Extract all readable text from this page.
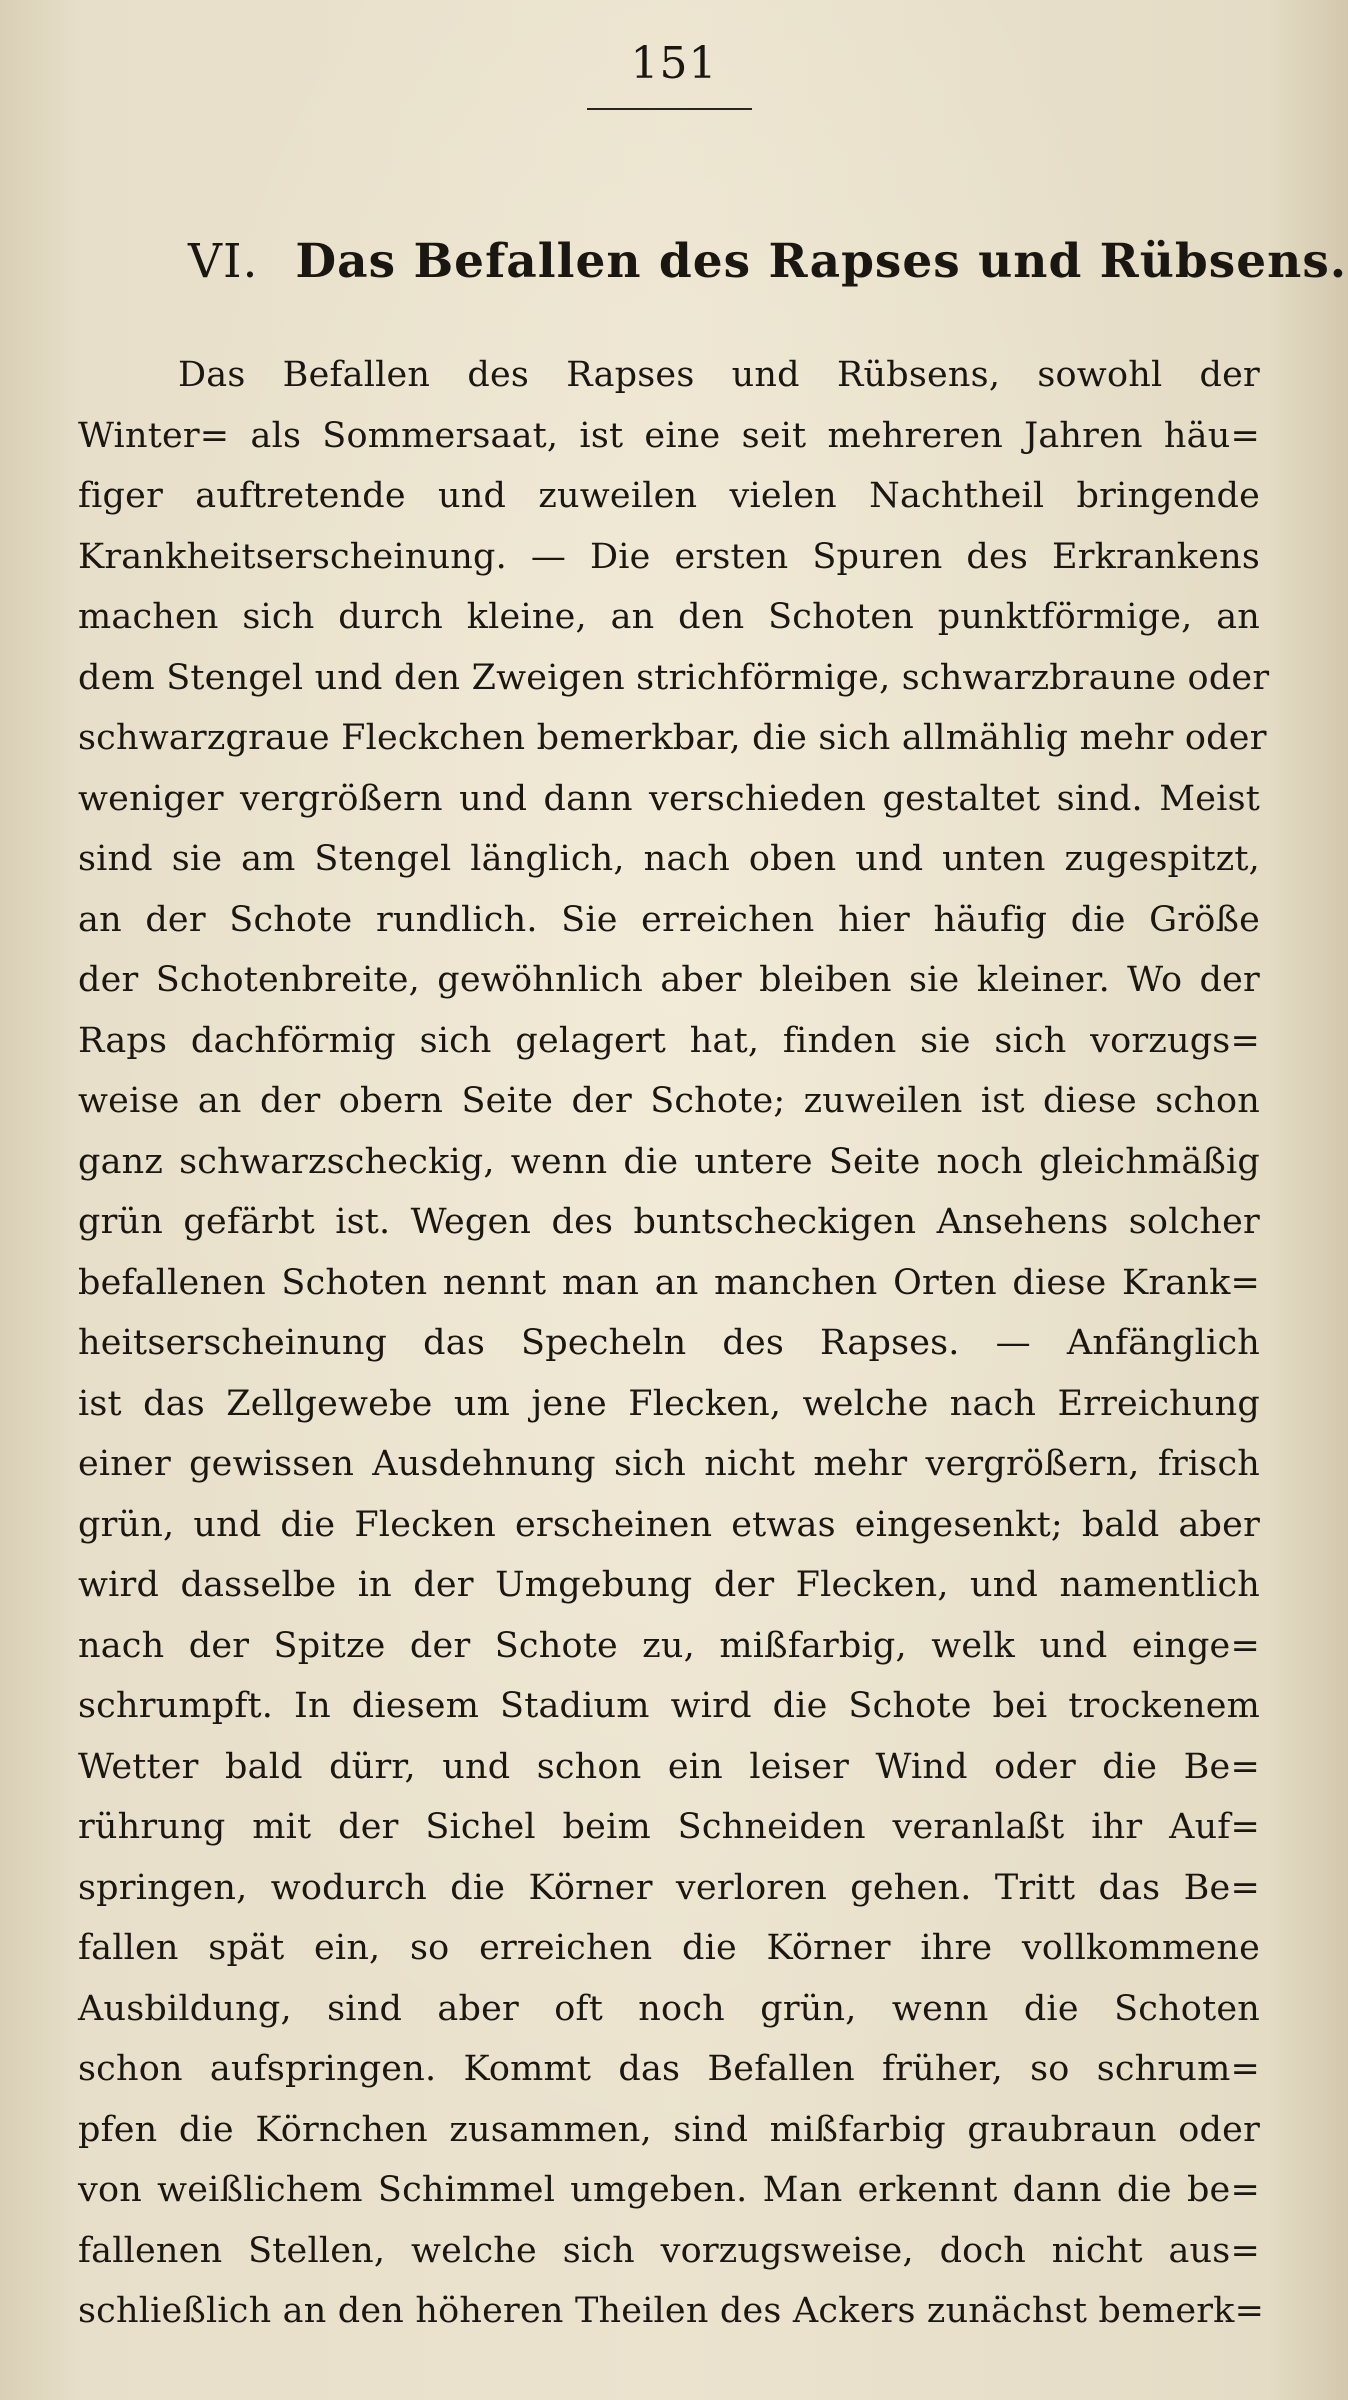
151
VI. Das Befallen des Rapses und Rübsens.
Das Befallen des Rapses und Rübsens, sowohl der
Winter= als Sommersaat, ist eine seit mehreren Jahren häu=
figer auftretende und zuweilen vielen Nachtheil bringende
Krankheitserscheinung. — Die ersten Spuren des Erkrankens
machen sich durch kleine, an den Schoten punktförmige, an
dem Stengel und den Zweigen strichförmige, schwarzbraune oder
schwarzgraue Fleckchen bemerkbar, die sich allmählig mehr oder
weniger vergrößern und dann verschieden gestaltet sind. Meist
sind sie am Stengel länglich, nach oben und unten zugespitzt,
an der Schote rundlich. Sie erreichen hier häufig die Größe
der Schotenbreite, gewöhnlich aber bleiben sie kleiner. Wo der
Raps dachförmig sich gelagert hat, finden sie sich vorzugs=
weise an der obern Seite der Schote; zuweilen ist diese schon
ganz schwarzscheckig, wenn die untere Seite noch gleichmäßig
grün gefärbt ist. Wegen des buntscheckigen Ansehens solcher
befallenen Schoten nennt man an manchen Orten diese Krank=
heitserscheinung das Specheln des Rapses. — Anfänglich
ist das Zellgewebe um jene Flecken, welche nach Erreichung
einer gewissen Ausdehnung sich nicht mehr vergrößern, frisch
grün, und die Flecken erscheinen etwas eingesenkt; bald aber
wird dasselbe in der Umgebung der Flecken, und namentlich
nach der Spitze der Schote zu, mißfarbig, welk und einge=
schrumpft. In diesem Stadium wird die Schote bei trockenem
Wetter bald dürr, und schon ein leiser Wind oder die Be=
rührung mit der Sichel beim Schneiden veranlaßt ihr Auf=
springen, wodurch die Körner verloren gehen. Tritt das Be=
fallen spät ein, so erreichen die Körner ihre vollkommene
Ausbildung, sind aber oft noch grün, wenn die Schoten
schon aufspringen. Kommt das Befallen früher, so schrum=
pfen die Körnchen zusammen, sind mißfarbig graubraun oder
von weißlichem Schimmel umgeben. Man erkennt dann die be=
fallenen Stellen, welche sich vorzugsweise, doch nicht aus=
schließlich an den höheren Theilen des Ackers zunächst bemerk=
